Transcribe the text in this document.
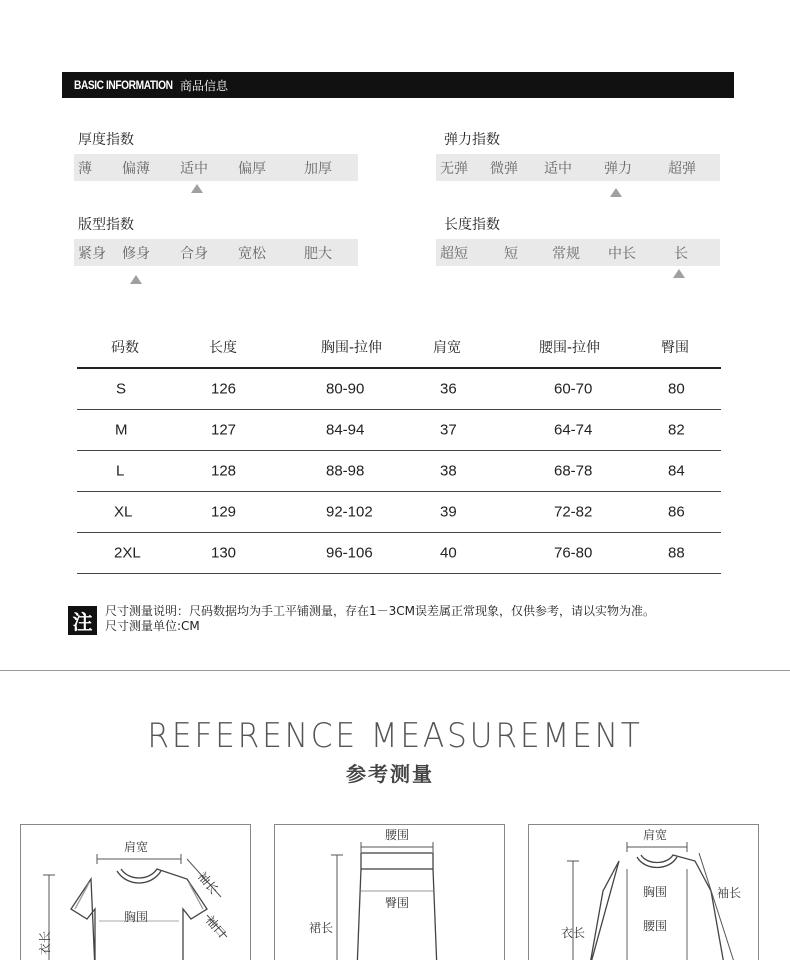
BASIC INFORMATION 商品信息
厚度指数
薄 偏薄 适中 偏厚	加厚
弹力指数
无弹 微弹 适中 弹力	超弹
版型指数
紧身 修身 合身 宽松	肥大
长度指数
超短	短 常规 中长	长
码数	长度	胸围-拉伸	肩宽	腰围-拉伸	臀围
S	126	80-90	36	60-70	80
M	127	84-94	37	64-74	82
L	128	88-98	38	68-78	84
XL	129	92-102	39	72-82	86
2XL	130	96-106	40	76-80	88
注	尺寸测量说明：尺码数据均为手工平铺测量，存在1－3CM误差属正常现象，仅供参考，请以实物为准。
尺寸测量单位:CM
REFERENCE MEASUREMENT
参考测量
肩宽
胸围
袖长
袖口
衣长
腰围
臀围
裙长
肩宽
胸围
腰围
袖长
衣长
